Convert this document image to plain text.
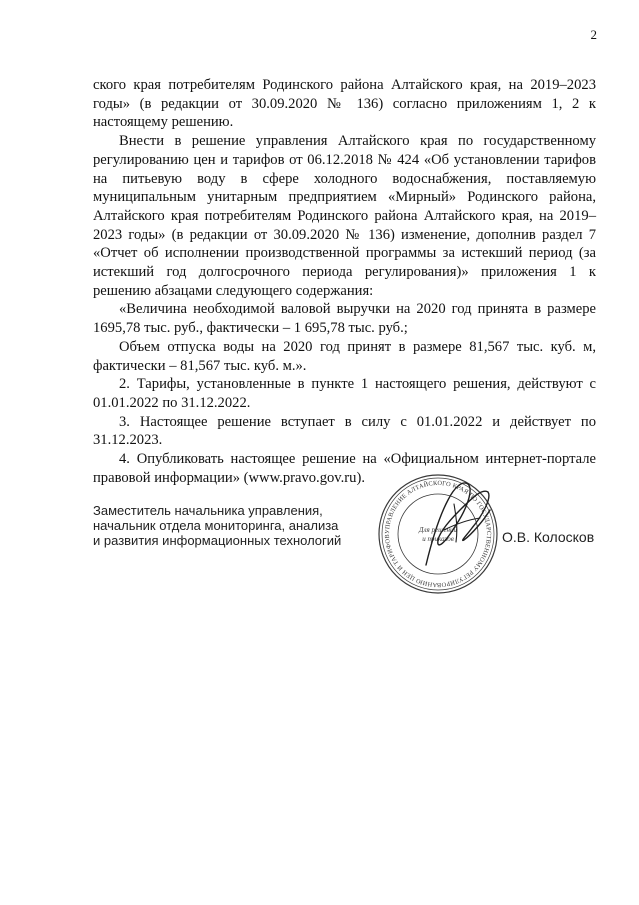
2

ского края потребителям Родинского района Алтайского края, на 2019–2023 годы» (в редакции от 30.09.2020 № 136) согласно приложениям 1, 2 к настоящему решению.

Внести в решение управления Алтайского края по государственному регулированию цен и тарифов от 06.12.2018 № 424 «Об установлении тарифов на питьевую воду в сфере холодного водоснабжения, поставляемую муниципальным унитарным предприятием «Мирный» Родинского района, Алтайского края потребителям Родинского района Алтайского края, на 2019–2023 годы» (в редакции от 30.09.2020 № 136) изменение, дополнив раздел 7 «Отчет об исполнении производственной программы за истекший период (за истекший год долгосрочного периода регулирования)» приложения 1 к решению абзацами следующего содержания:

«Величина необходимой валовой выручки на 2020 год принята в размере 1695,78 тыс. руб., фактически – 1 695,78 тыс. руб.;

Объем отпуска воды на 2020 год принят в размере 81,567 тыс. куб. м, фактически – 81,567 тыс. куб. м.».

2. Тарифы, установленные в пункте 1 настоящего решения, действуют с 01.01.2022 по 31.12.2022.

3. Настоящее решение вступает в силу с 01.01.2022 и действует по 31.12.2023.

4. Опубликовать настоящее решение на «Официальном интернет-портале правовой информации» (www.pravo.gov.ru).

Заместитель начальника управления,
начальник отдела мониторинга, анализа
и развития информационных технологий
УПРАВЛЕНИЕ АЛТАЙСКОГО КРАЯ ПО ГОСУДАРСТВЕННОМУ РЕГУЛИРОВАНИЮ ЦЕН И ТАРИФОВ
Для решений
и приказов	О.В. Колосков
